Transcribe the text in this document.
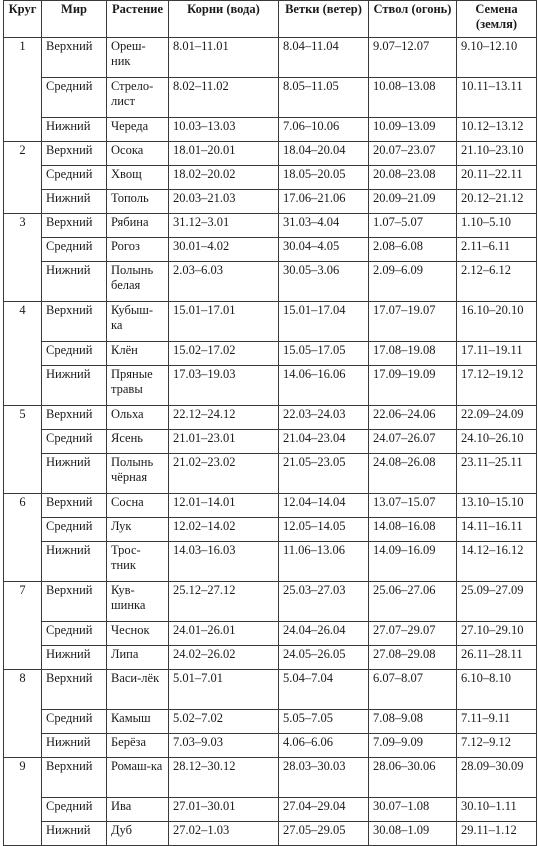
Круг	Мир	Растение	Корни (вода)	Ветки (ветер)	Ствол (огонь)	Семена (земля)
1	Верхний	Ореш-ник	8.01–11.01	8.04–11.04	9.07–12.07	9.10–12.10
	Средний	Стрело-лист	8.02–11.02	8.05–11.05	10.08–13.08	10.11–13.11
	Нижний	Череда	10.03–13.03	7.06–10.06	10.09–13.09	10.12–13.12
2	Верхний	Осока	18.01–20.01	18.04–20.04	20.07–23.07	21.10–23.10
	Средний	Хвощ	18.02–20.02	18.05–20.05	20.08–23.08	20.11–22.11
	Нижний	Тополь	20.03–21.03	17.06–21.06	20.09–21.09	20.12–21.12
3	Верхний	Рябина	31.12–3.01	31.03–4.04	1.07–5.07	1.10–5.10
	Средний	Рогоз	30.01–4.02	30.04–4.05	2.08–6.08	2.11–6.11
	Нижний	Полынь белая	2.03–6.03	30.05–3.06	2.09–6.09	2.12–6.12
4	Верхний	Кубыш-ка	15.01–17.01	15.01–17.04	17.07–19.07	16.10–20.10
	Средний	Клён	15.02–17.02	15.05–17.05	17.08–19.08	17.11–19.11
	Нижний	Пряные травы	17.03–19.03	14.06–16.06	17.09–19.09	17.12–19.12
5	Верхний	Ольха	22.12–24.12	22.03–24.03	22.06–24.06	22.09–24.09
	Средний	Ясень	21.01–23.01	21.04–23.04	24.07–26.07	24.10–26.10
	Нижний	Полынь чёрная	21.02–23.02	21.05–23.05	24.08–26.08	23.11–25.11
6	Верхний	Сосна	12.01–14.01	12.04–14.04	13.07–15.07	13.10–15.10
	Средний	Лук	12.02–14.02	12.05–14.05	14.08–16.08	14.11–16.11
	Нижний	Трос-тник	14.03–16.03	11.06–13.06	14.09–16.09	14.12–16.12
7	Верхний	Кув-шинка	25.12–27.12	25.03–27.03	25.06–27.06	25.09–27.09
	Средний	Чеснок	24.01–26.01	24.04–26.04	27.07–29.07	27.10–29.10
	Нижний	Липа	24.02–26.02	24.05–26.05	27.08–29.08	26.11–28.11
8	Верхний	Васи-лёк	5.01–7.01	5.04–7.04	6.07–8.07	6.10–8.10
	Средний	Камыш	5.02–7.02	5.05–7.05	7.08–9.08	7.11–9.11
	Нижний	Берёза	7.03–9.03	4.06–6.06	7.09–9.09	7.12–9.12
9	Верхний	Ромаш-ка	28.12–30.12	28.03–30.03	28.06–30.06	28.09–30.09
	Средний	Ива	27.01–30.01	27.04–29.04	30.07–1.08	30.10–1.11
	Нижний	Дуб	27.02–1.03	27.05–29.05	30.08–1.09	29.11–1.12
